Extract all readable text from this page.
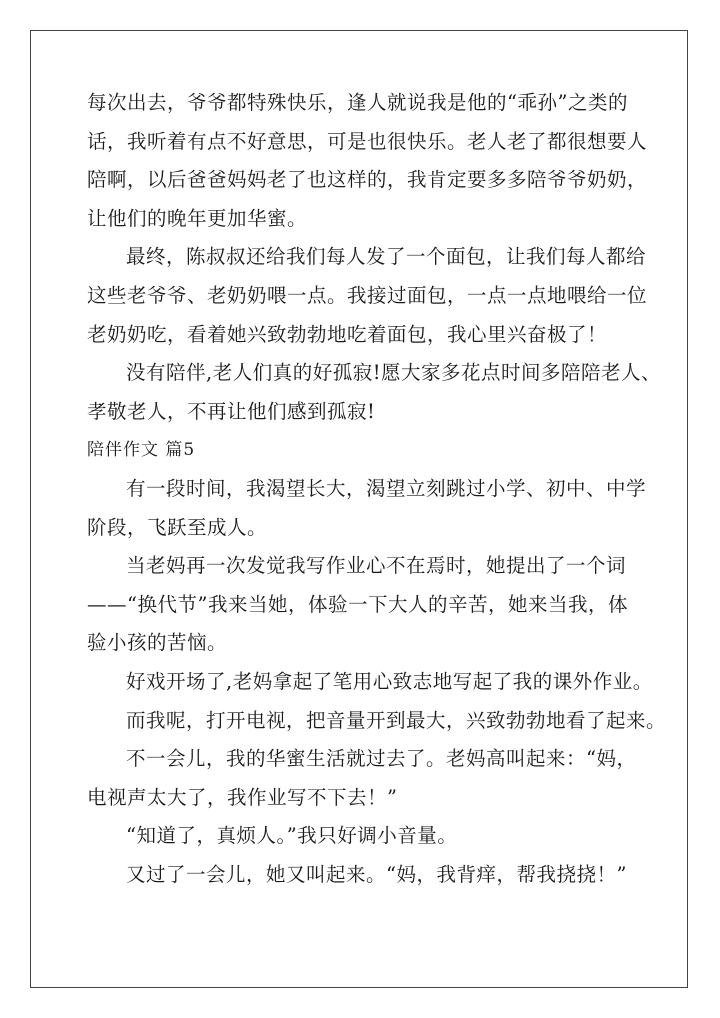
每次出去，爷爷都特殊快乐，逢人就说我是他的“乖孙”之类的
话，我听着有点不好意思，可是也很快乐。老人老了都很想要人
陪啊，以后爸爸妈妈老了也这样的，我肯定要多多陪爷爷奶奶，
让他们的晚年更加华蜜。
最终，陈叔叔还给我们每人发了一个面包，让我们每人都给
这些老爷爷、老奶奶喂一点。我接过面包，一点一点地喂给一位
老奶奶吃，看着她兴致勃勃地吃着面包，我心里兴奋极了！
没有陪伴,老人们真的好孤寂!愿大家多花点时间多陪陪老人、
孝敬老人，不再让他们感到孤寂!
陪伴作文 篇5
有一段时间，我渴望长大，渴望立刻跳过小学、初中、中学
阶段，飞跃至成人。
当老妈再一次发觉我写作业心不在焉时，她提出了一个词
——“换代节”我来当她，体验一下大人的辛苦，她来当我，体
验小孩的苦恼。
好戏开场了,老妈拿起了笔用心致志地写起了我的课外作业。
而我呢，打开电视，把音量开到最大，兴致勃勃地看了起来。
不一会儿，我的华蜜生活就过去了。老妈高叫起来：“妈，
电视声太大了，我作业写不下去！”
“知道了，真烦人。”我只好调小音量。
又过了一会儿，她又叫起来。“妈，我背痒，帮我挠挠！”
